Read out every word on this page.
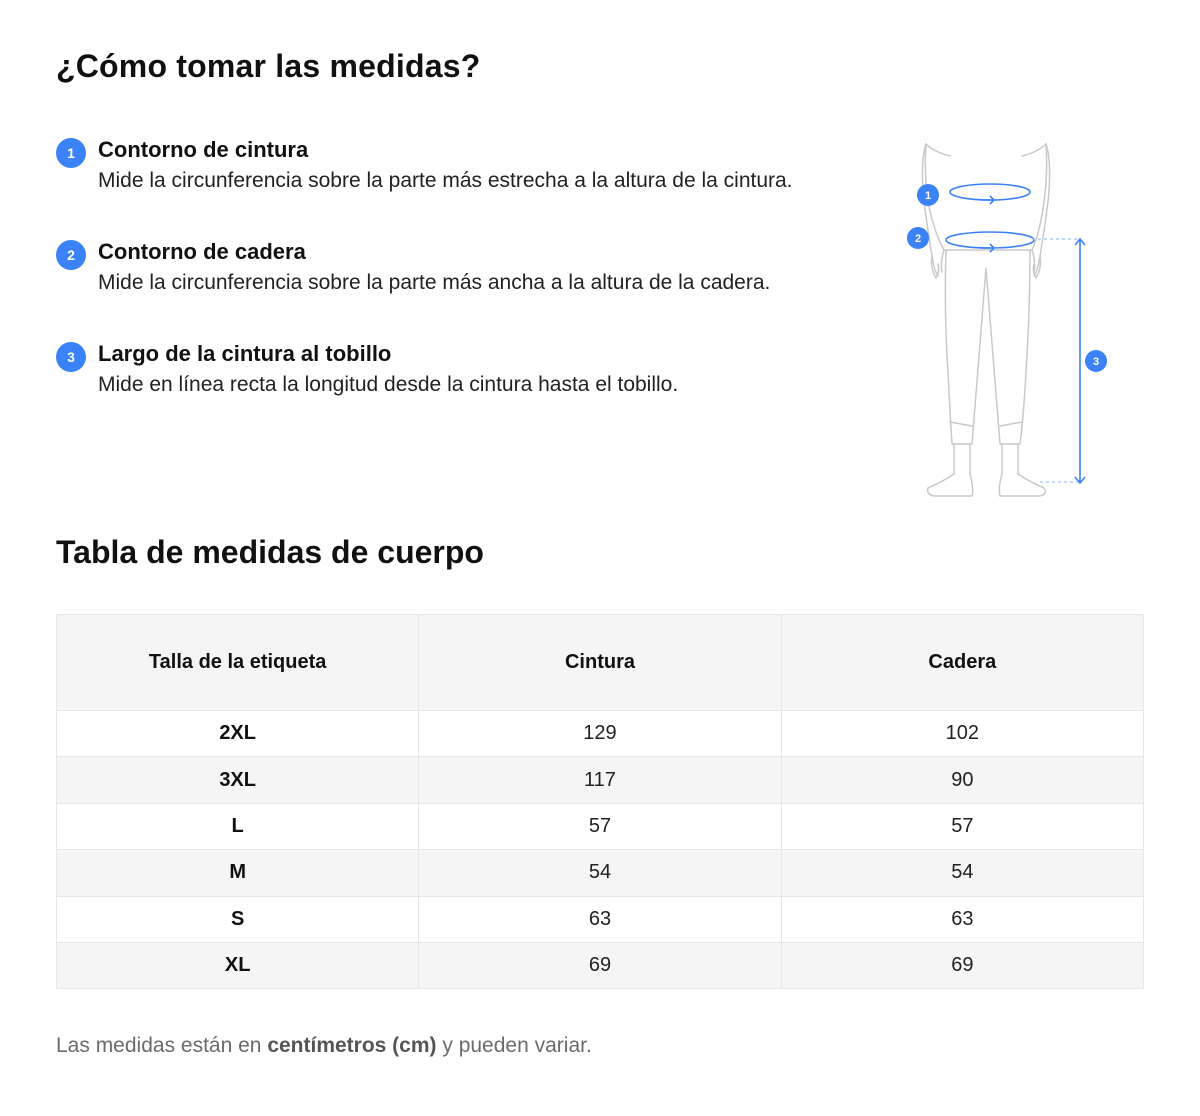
¿Cómo tomar las medidas?
1	Contorno de cintura
Mide la circunferencia sobre la parte más estrecha a la altura de la cintura.
2	Contorno de cadera
Mide la circunferencia sobre la parte más ancha a la altura de la cadera.
3	Largo de la cintura al tobillo
Mide en línea recta la longitud desde la cintura hasta el tobillo.
1
2
3
Tabla de medidas de cuerpo
Talla de la etiqueta	Cintura	Cadera
2XL	129	102
3XL	117	90
L	57	57
M	54	54
S	63	63
XL	69	69

Las medidas están en centímetros (cm) y pueden variar.
